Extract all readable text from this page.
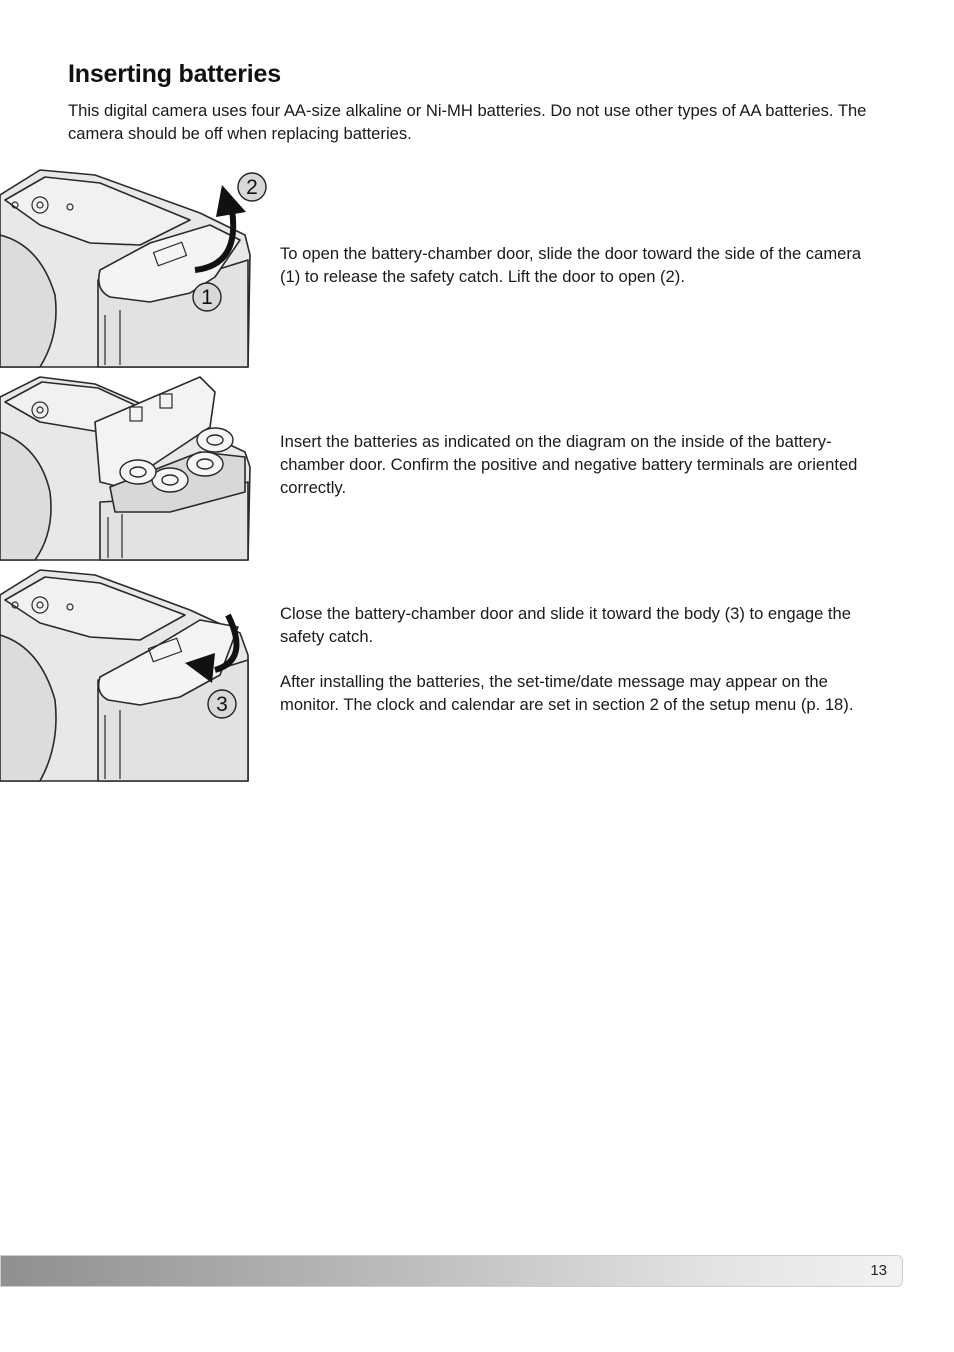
Inserting batteries

This digital camera uses four AA-size alkaline or Ni-MH batteries. Do not use other types of AA batteries. The camera should be off when replacing batteries.

2
1

To open the battery-chamber door, slide the door toward the side of the camera (1) to release the safety catch. Lift the door to open (2).

Insert the batteries as indicated on the diagram on the inside of the battery-chamber door. Confirm the positive and negative battery terminals are oriented correctly.

3

Close the battery-chamber door and slide it toward the body (3) to engage the safety catch.

After installing the batteries, the set-time/date message may appear on the monitor. The clock and calendar are set in section 2 of the setup menu (p. 18).

13
